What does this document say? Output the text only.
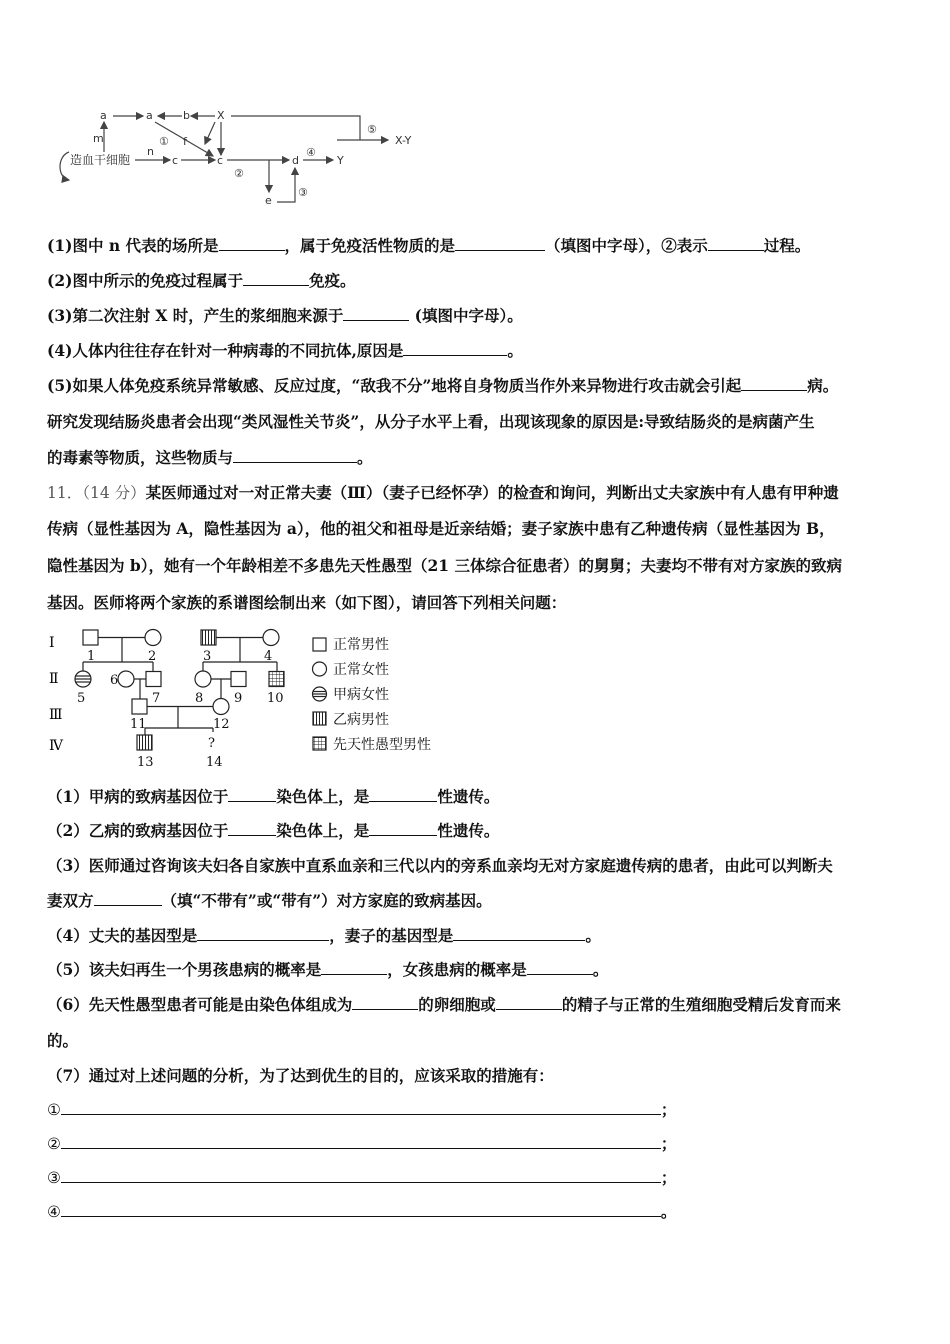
a
m
a	b X
① f
造血干细胞
n
c	c
②
d
④
Y
e
③
⑤
X-Y
(1)图中 n 代表的场所是	，属于免疫活性物质的是	（填图中字母），②表示	过程。
(2)图中所示的免疫过程属于	免疫。
(3)第二次注射 X 时，产生的浆细胞来源于	(填图中字母）。
(4)人体内往往存在针对一种病毒的不同抗体,原因是	。
(5)如果人体免疫系统异常敏感、反应过度，“敌我不分”地将自身物质当作外来异物进行攻击就会引起	病。
研究发现结肠炎患者会出现“类风湿性关节炎”，从分子水平上看，出现该现象的原因是:导致结肠炎的是病菌产生
的毒素等物质，这些物质与	。
11．（14 分）某医师通过对一对正常夫妻（Ⅲ）（妻子已经怀孕）的检查和询问，判断出丈夫家族中有人患有甲种遗
传病（显性基因为 A，隐性基因为 a），他的祖父和祖母是近亲结婚；妻子家族中患有乙种遗传病（显性基因为 B，
隐性基因为 b），她有一个年龄相差不多患先天性愚型（21 三体综合征患者）的舅舅；夫妻均不带有对方家族的致病
基因。医师将两个家族的系谱图绘制出来（如下图），请回答下列相关问题：
Ⅰ
Ⅱ
Ⅲ
Ⅳ
1	2	3	4
5
6
7	8 9 10
11	12
13
?
14
正常男性
正常女性
甲病女性
乙病男性
先天性愚型男性
（1）甲病的致病基因位于	染色体上，是	性遗传。
（2）乙病的致病基因位于	染色体上，是	性遗传。
（3）医师通过咨询该夫妇各自家族中直系血亲和三代以内的旁系血亲均无对方家庭遗传病的患者，由此可以判断夫
妻双方	（填“不带有”或“带有”）对方家庭的致病基因。
（4）丈夫的基因型是	，妻子的基因型是	。
（5）该夫妇再生一个男孩患病的概率是	，女孩患病的概率是	。
（6）先天性愚型患者可能是由染色体组成为	的卵细胞或	的精子与正常的生殖细胞受精后发育而来
的。
（7）通过对上述问题的分析，为了达到优生的目的，应该采取的措施有：
①	；
②	；
③	；
④	。
